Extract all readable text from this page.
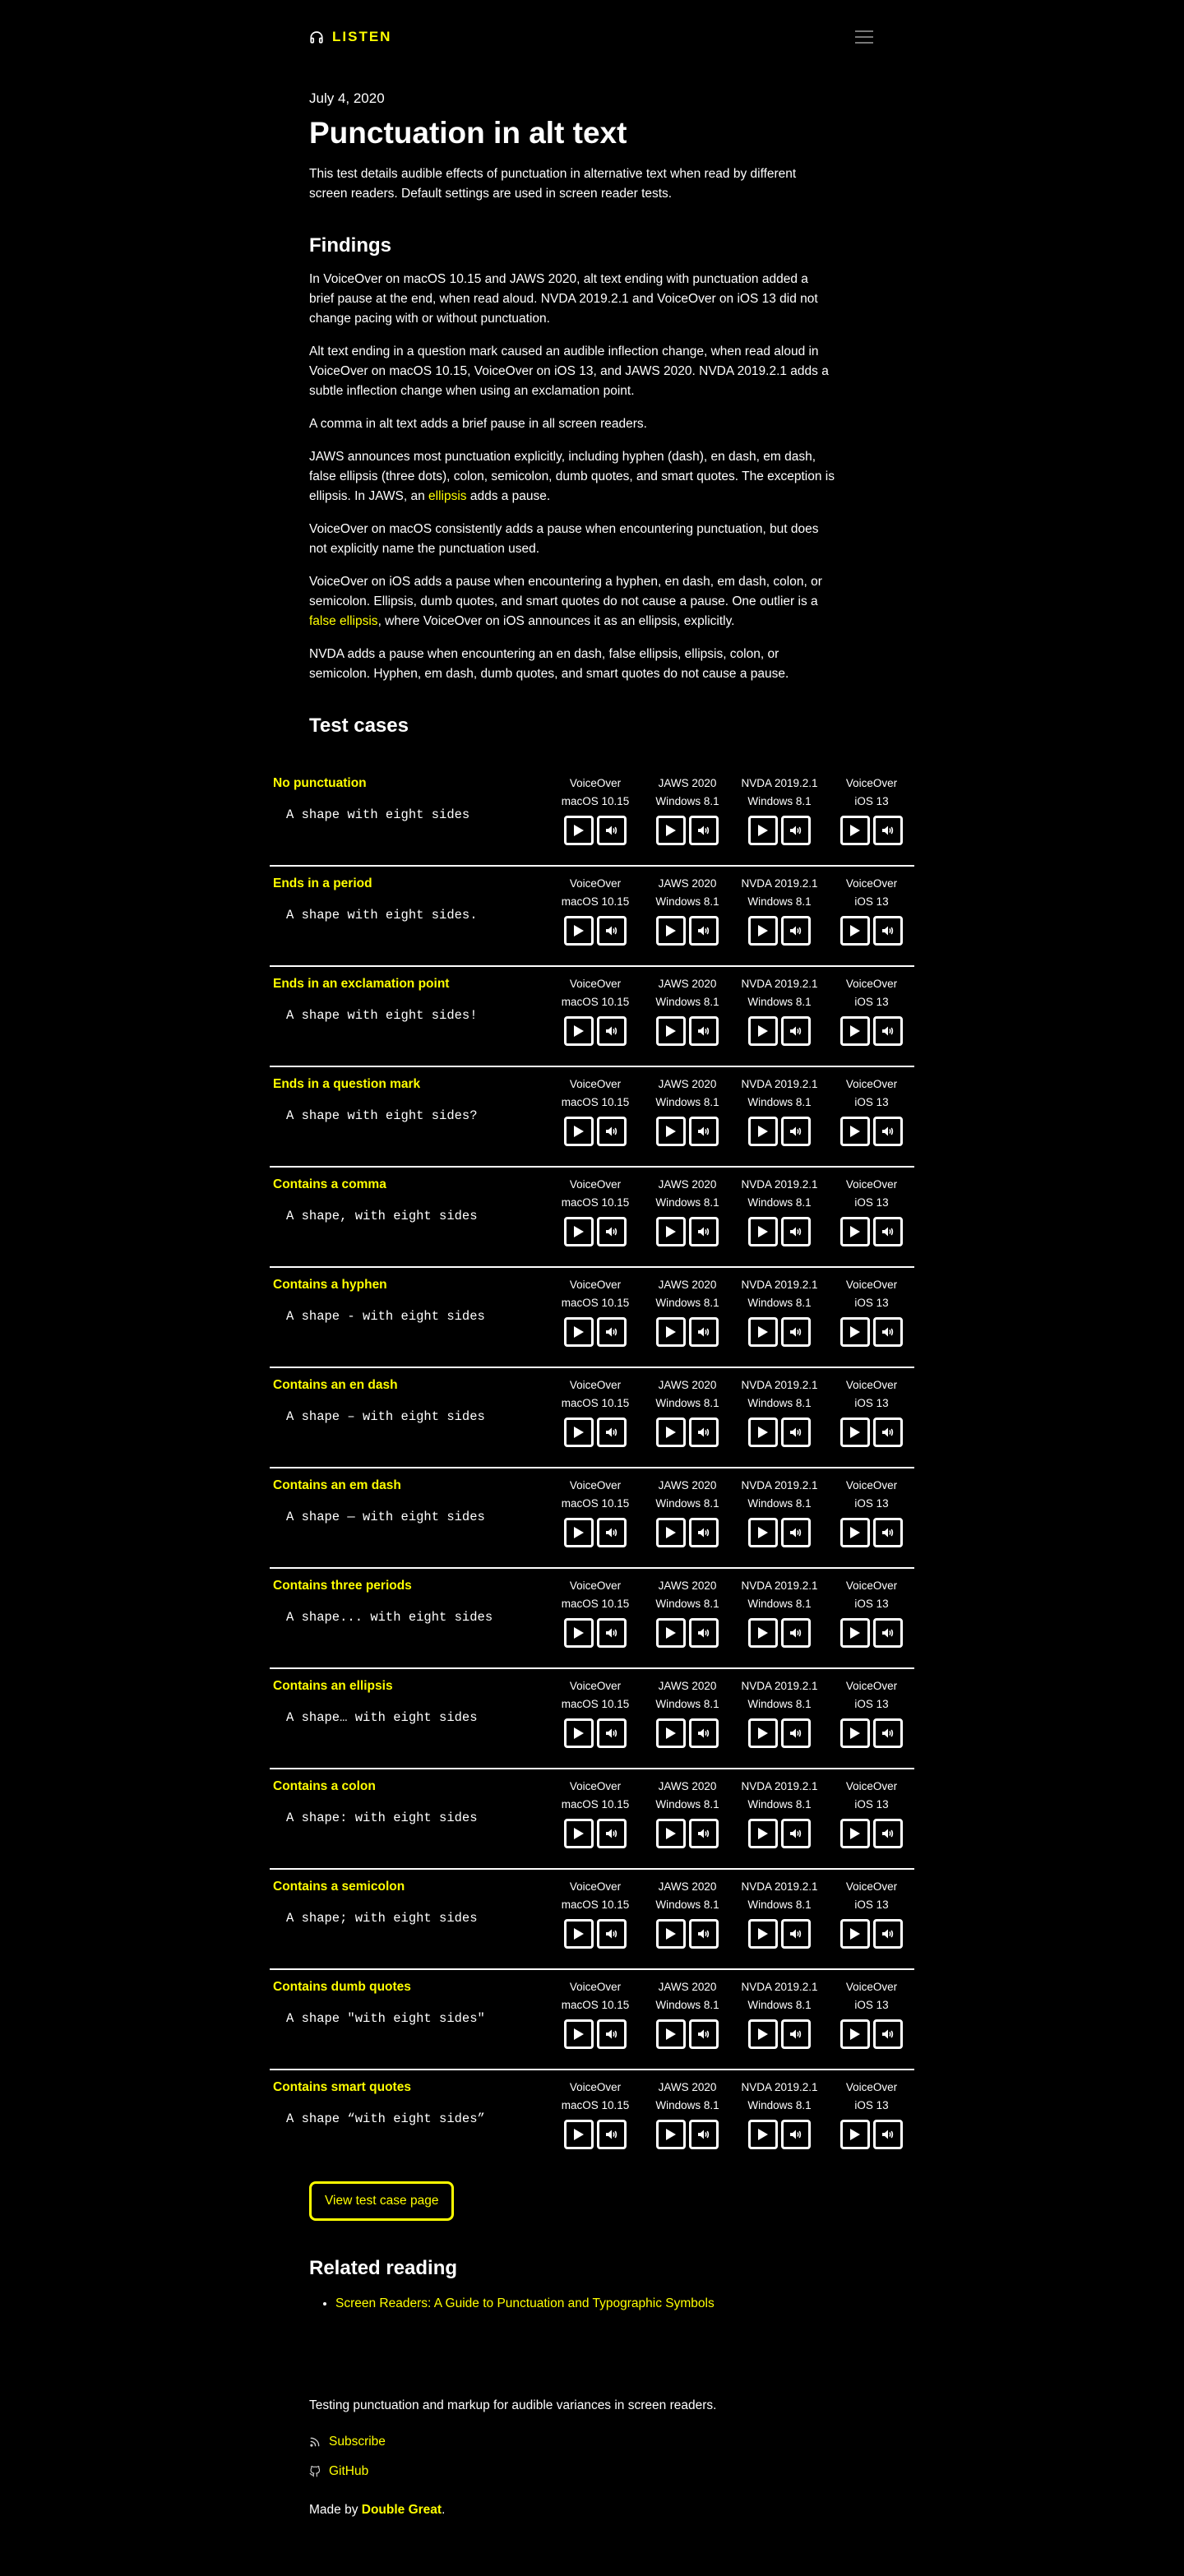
LISTEN
July 4, 2020
Punctuation in alt text

This test details audible effects of punctuation in alternative text when read by different screen readers. Default settings are used in screen reader tests.

Findings

In VoiceOver on macOS 10.15 and JAWS 2020, alt text ending with punctuation added a brief pause at the end, when read aloud. NVDA 2019.2.1 and VoiceOver on iOS 13 did not change pacing with or without punctuation.

Alt text ending in a question mark caused an audible inflection change, when read aloud in VoiceOver on macOS 10.15, VoiceOver on iOS 13, and JAWS 2020. NVDA 2019.2.1 adds a subtle inflection change when using an exclamation point.

A comma in alt text adds a brief pause in all screen readers.

JAWS announces most punctuation explicitly, including hyphen (dash), en dash, em dash, false ellipsis (three dots), colon, semicolon, dumb quotes, and smart quotes. The exception is ellipsis. In JAWS, an ellipsis adds a pause.

VoiceOver on macOS consistently adds a pause when encountering punctuation, but does not explicitly name the punctuation used.

VoiceOver on iOS adds a pause when encountering a hyphen, en dash, em dash, colon, or semicolon. Ellipsis, dumb quotes, and smart quotes do not cause a pause. One outlier is a false ellipsis, where VoiceOver on iOS announces it as an ellipsis, explicitly.

NVDA adds a pause when encountering an en dash, false ellipsis, ellipsis, colon, or semicolon. Hyphen, em dash, dumb quotes, and smart quotes do not cause a pause.

Test cases
No punctuation
A shape with eight sides
VoiceOver
macOS 10.15
JAWS 2020
Windows 8.1
NVDA 2019.2.1
Windows 8.1
VoiceOver
iOS 13
Ends in a period
A shape with eight sides.
VoiceOver
macOS 10.15
JAWS 2020
Windows 8.1
NVDA 2019.2.1
Windows 8.1
VoiceOver
iOS 13
Ends in an exclamation point
A shape with eight sides!
VoiceOver
macOS 10.15
JAWS 2020
Windows 8.1
NVDA 2019.2.1
Windows 8.1
VoiceOver
iOS 13
Ends in a question mark
A shape with eight sides?
VoiceOver
macOS 10.15
JAWS 2020
Windows 8.1
NVDA 2019.2.1
Windows 8.1
VoiceOver
iOS 13
Contains a comma
A shape, with eight sides
VoiceOver
macOS 10.15
JAWS 2020
Windows 8.1
NVDA 2019.2.1
Windows 8.1
VoiceOver
iOS 13
Contains a hyphen
A shape - with eight sides
VoiceOver
macOS 10.15
JAWS 2020
Windows 8.1
NVDA 2019.2.1
Windows 8.1
VoiceOver
iOS 13
Contains an en dash
A shape – with eight sides
VoiceOver
macOS 10.15
JAWS 2020
Windows 8.1
NVDA 2019.2.1
Windows 8.1
VoiceOver
iOS 13
Contains an em dash
A shape — with eight sides
VoiceOver
macOS 10.15
JAWS 2020
Windows 8.1
NVDA 2019.2.1
Windows 8.1
VoiceOver
iOS 13
Contains three periods
A shape... with eight sides
VoiceOver
macOS 10.15
JAWS 2020
Windows 8.1
NVDA 2019.2.1
Windows 8.1
VoiceOver
iOS 13
Contains an ellipsis
A shape… with eight sides
VoiceOver
macOS 10.15
JAWS 2020
Windows 8.1
NVDA 2019.2.1
Windows 8.1
VoiceOver
iOS 13
Contains a colon
A shape: with eight sides
VoiceOver
macOS 10.15
JAWS 2020
Windows 8.1
NVDA 2019.2.1
Windows 8.1
VoiceOver
iOS 13
Contains a semicolon
A shape; with eight sides
VoiceOver
macOS 10.15
JAWS 2020
Windows 8.1
NVDA 2019.2.1
Windows 8.1
VoiceOver
iOS 13
Contains dumb quotes
A shape "with eight sides"
VoiceOver
macOS 10.15
JAWS 2020
Windows 8.1
NVDA 2019.2.1
Windows 8.1
VoiceOver
iOS 13
Contains smart quotes
A shape “with eight sides”
VoiceOver
macOS 10.15
JAWS 2020
Windows 8.1
NVDA 2019.2.1
Windows 8.1
VoiceOver
iOS 13
View test case page
Related reading
• Screen Readers: A Guide to Punctuation and Typographic Symbols

Testing punctuation and markup for audible variances in screen readers.

Subscribe
GitHub
Made by Double Great.
